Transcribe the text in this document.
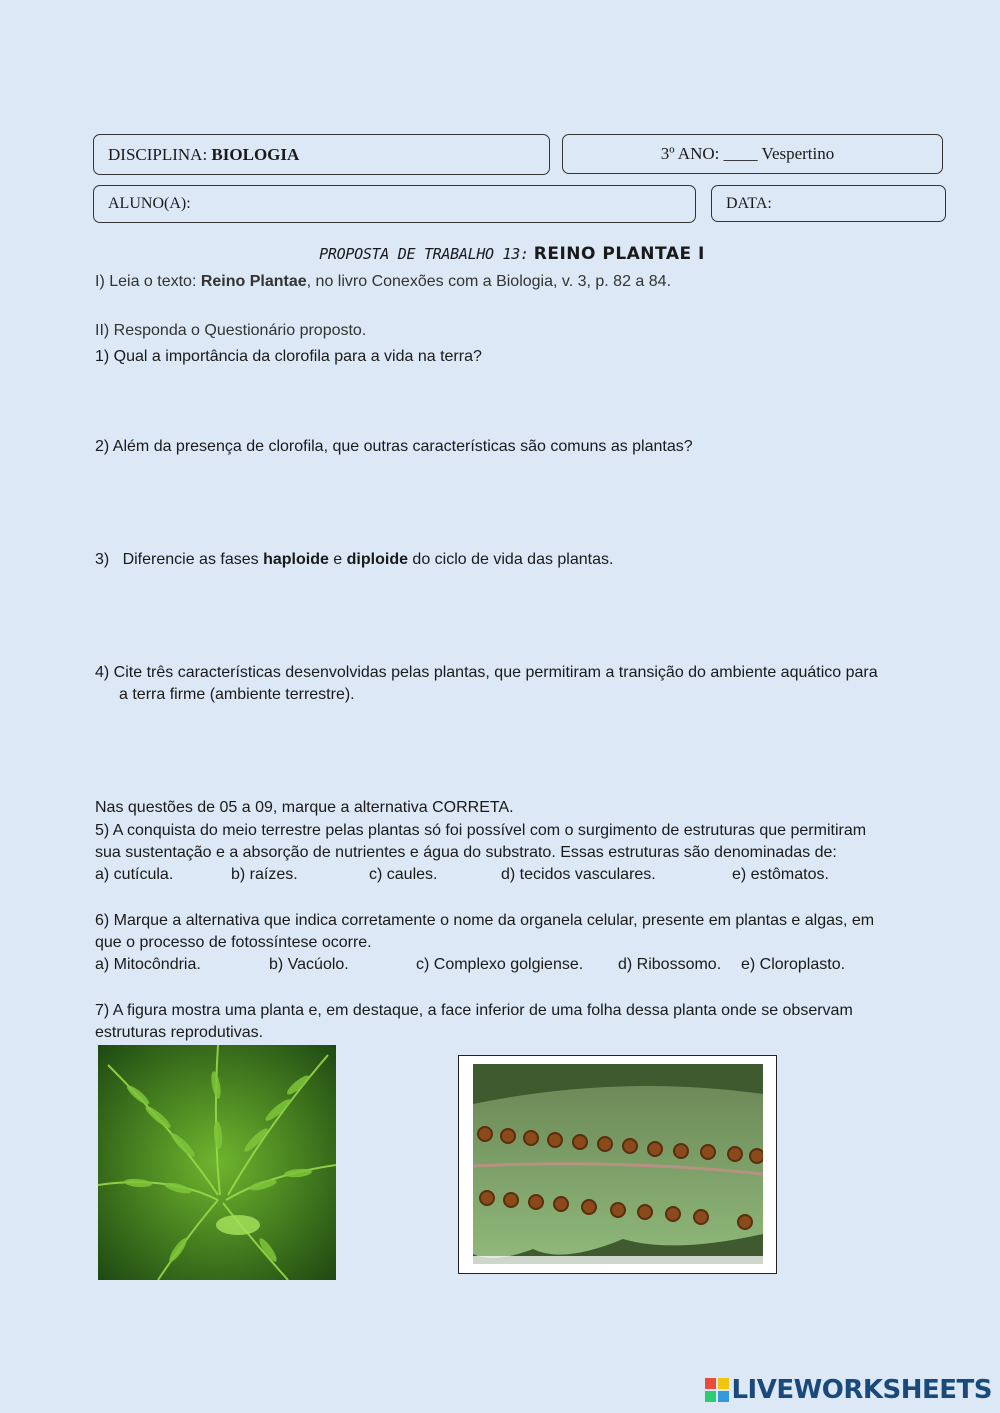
DISCIPLINA:
BIOLOGIA	3º ANO: ____ Vespertino
ALUNO(A):	DATA:
PROPOSTA DE TRABALHO 13: REINO PLANTAE I
I) Leia o texto: Reino Plantae, no livro Conexões com a Biologia, v. 3, p. 82 a 84.
II) Responda o Questionário proposto.
1) Qual a importância da clorofila para a vida na terra?
2) Além da presença de clorofila, que outras características são comuns as plantas?
3)   Diferencie as fases haploide e diploide do ciclo de vida das plantas.
4) Cite três características desenvolvidas pelas plantas, que permitiram a transição do ambiente aquático para
a terra firme (ambiente terrestre).
Nas questões de 05 a 09, marque a alternativa CORRETA.
5) A conquista do meio terrestre pelas plantas só foi possível com o surgimento de estruturas que permitiram
sua sustentação e a absorção de nutrientes e água do substrato. Essas estruturas são denominadas de:
a) cutícula.	b) raízes.	c) caules.	d) tecidos vasculares.	e) estômatos.
6) Marque a alternativa que indica corretamente o nome da organela celular, presente em plantas e algas, em
que o processo de fotossíntese ocorre.
a) Mitocôndria.	b) Vacúolo.	c) Complexo golgiense. d) Ribossomo. e) Cloroplasto.
7) A figura mostra uma planta e, em destaque, a face inferior de uma folha dessa planta onde se observam
estruturas reprodutivas.
LIVEWORKSHEETS
